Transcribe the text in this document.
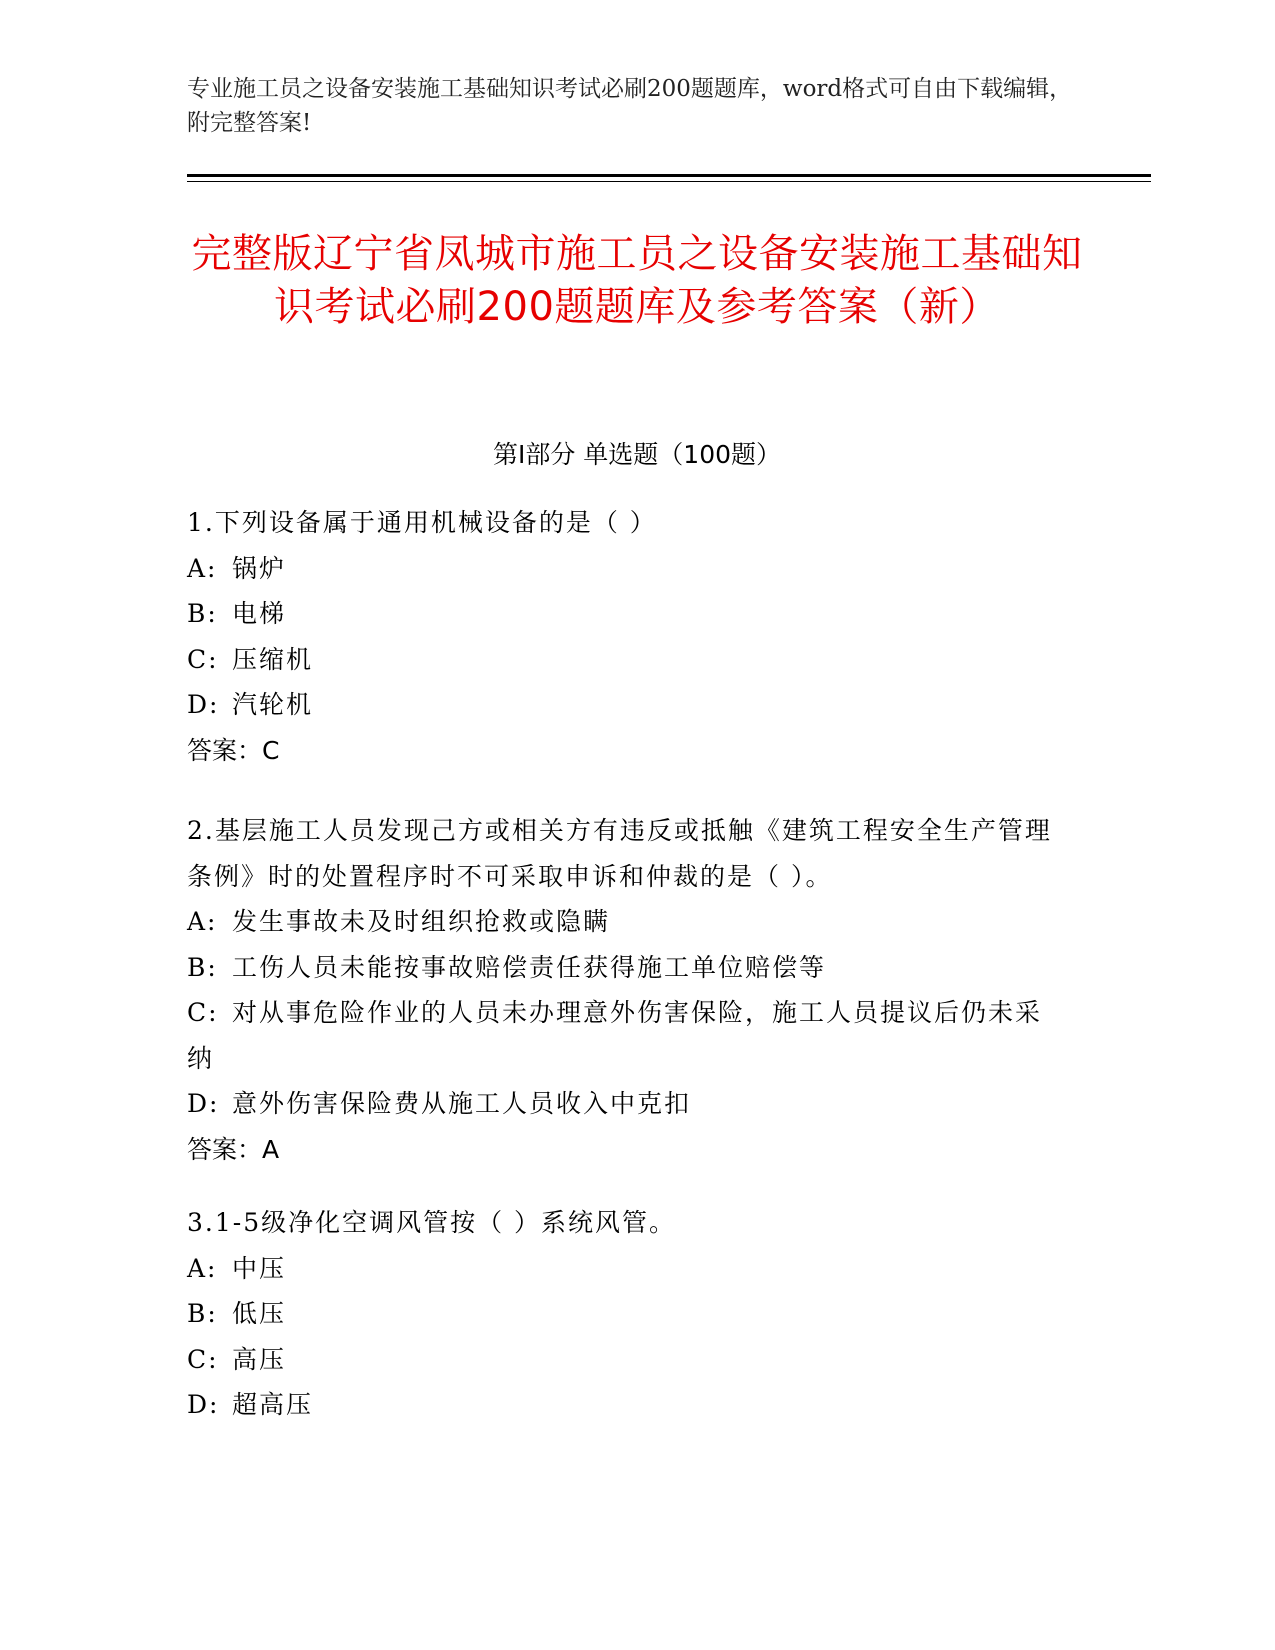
专业施工员之设备安装施工基础知识考试必刷200题题库，word格式可自由下载编辑，附完整答案!
完整版辽宁省凤城市施工员之设备安装施工基础知识考试必刷200题题库及参考答案（新）
第Ⅰ部分 单选题（100题）

1.下列设备属于通用机械设备的是（ ）

A: 锅炉

B: 电梯

C: 压缩机

D: 汽轮机

答案：C

2.基层施工人员发现己方或相关方有违反或抵触《建筑工程安全生产管理条例》时的处置程序时不可采取申诉和仲裁的是（ ）。

A: 发生事故未及时组织抢救或隐瞒

B: 工伤人员未能按事故赔偿责任获得施工单位赔偿等

C: 对从事危险作业的人员未办理意外伤害保险，施工人员提议后仍未采纳

D: 意外伤害保险费从施工人员收入中克扣

答案：A

3.1-5级净化空调风管按（ ）系统风管。

A: 中压

B: 低压

C: 高压

D: 超高压
